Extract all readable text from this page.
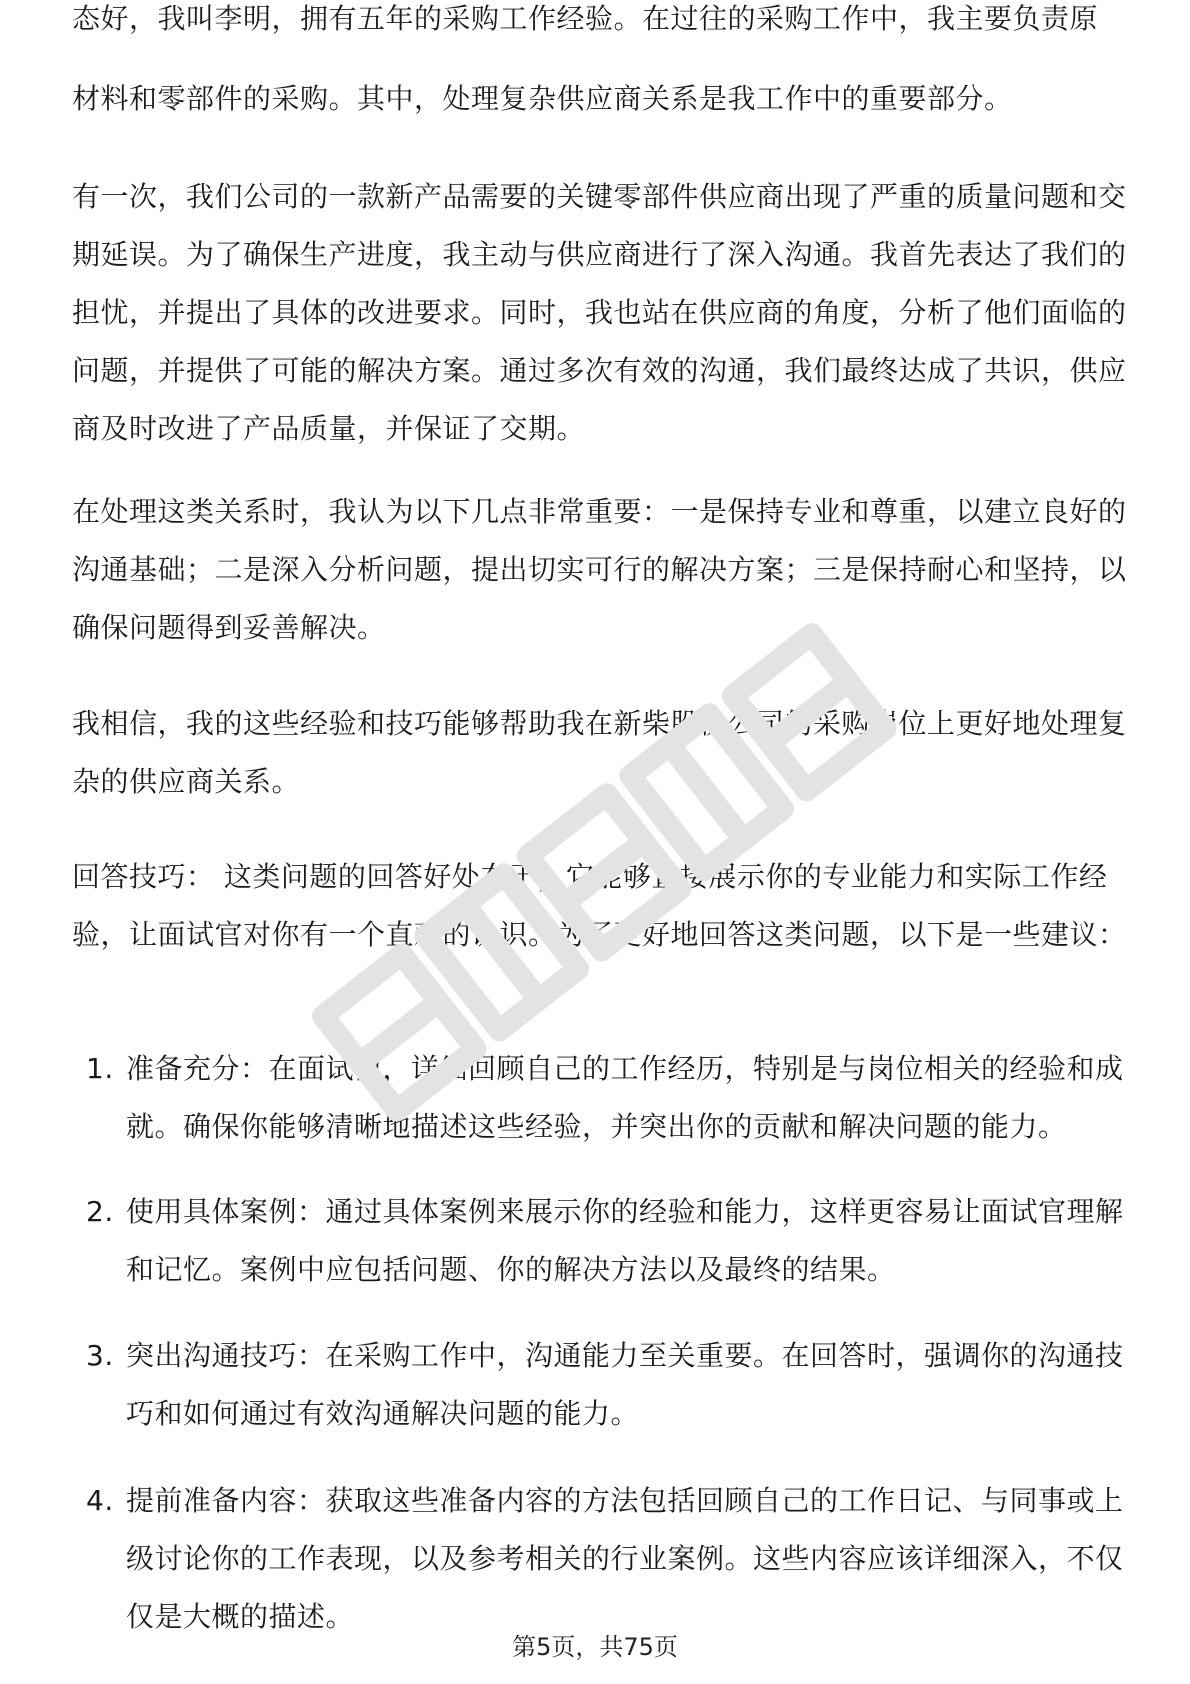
态好，我叫李明，拥有五年的采购工作经验。在过往的采购工作中，我主要负责原

材料和零部件的采购。其中，处理复杂供应商关系是我工作中的重要部分。

有一次，我们公司的一款新产品需要的关键零部件供应商出现了严重的质量问题和交期延误。为了确保生产进度，我主动与供应商进行了深入沟通。我首先表达了我们的担忧，并提出了具体的改进要求。同时，我也站在供应商的角度，分析了他们面临的问题，并提供了可能的解决方案。通过多次有效的沟通，我们最终达成了共识，供应商及时改进了产品质量，并保证了交期。

在处理这类关系时，我认为以下几点非常重要：一是保持专业和尊重，以建立良好的沟通基础；二是深入分析问题，提出切实可行的解决方案；三是保持耐心和坚持，以确保问题得到妥善解决。

我相信，我的这些经验和技巧能够帮助我在新柴股份公司的采购岗位上更好地处理复杂的供应商关系。

回答技巧： 这类问题的回答好处在于，它能够直接展示你的专业能力和实际工作经验，让面试官对你有一个直观的认识。为了更好地回答这类问题，以下是一些建议：

1. 准备充分：在面试前，详细回顾自己的工作经历，特别是与岗位相关的经验和成就。确保你能够清晰地描述这些经验，并突出你的贡献和解决问题的能力。
2. 使用具体案例：通过具体案例来展示你的经验和能力，这样更容易让面试官理解和记忆。案例中应包括问题、你的解决方法以及最终的结果。
3. 突出沟通技巧：在采购工作中，沟通能力至关重要。在回答时，强调你的沟通技巧和如何通过有效沟通解决问题的能力。
4. 提前准备内容：获取这些准备内容的方法包括回顾自己的工作日记、与同事或上级讨论你的工作表现，以及参考相关的行业案例。这些内容应该详细深入，不仅仅是大概的描述。
第5页，共75页
